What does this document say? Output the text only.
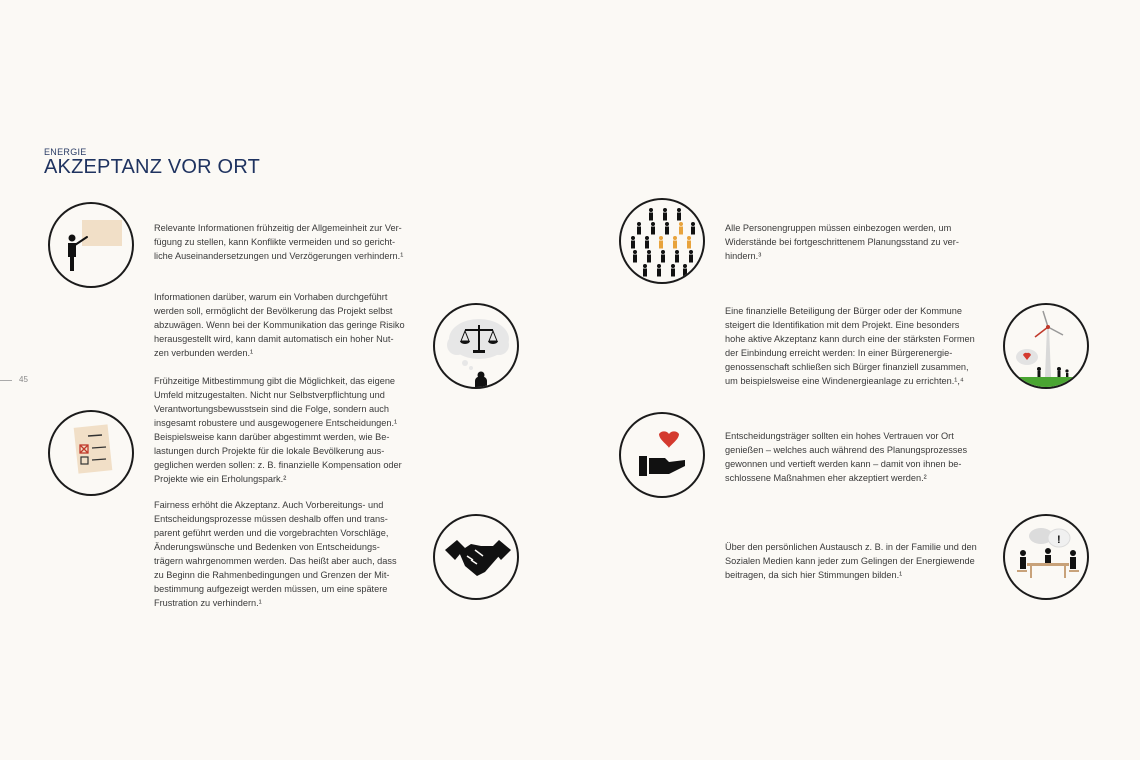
ENERGIE
AKZEPTANZ VOR ORT
45
Relevante Informationen frühzeitig der Allgemeinheit zur Ver-
fügung zu stellen, kann Konflikte vermeiden und so gericht-
liche Auseinandersetzungen und Verzögerungen verhindern.¹
Informationen darüber, warum ein Vorhaben durchgeführt
werden soll, ermöglicht der Bevölkerung das Projekt selbst
abzuwägen. Wenn bei der Kommunikation das geringe Risiko
herausgestellt wird, kann damit automatisch ein hoher Nut-
zen verbunden werden.¹
Frühzeitige Mitbestimmung gibt die Möglichkeit, das eigene
Umfeld mitzugestalten. Nicht nur Selbstverpflichtung und
Verantwortungsbewusstsein sind die Folge, sondern auch
insgesamt robustere und ausgewogenere Entscheidungen.¹
Beispielsweise kann darüber abgestimmt werden, wie Be-
lastungen durch Projekte für die lokale Bevölkerung aus-
geglichen werden sollen: z. B. finanzielle Kompensation oder
Projekte wie ein Erholungspark.²
Fairness erhöht die Akzeptanz. Auch Vorbereitungs- und
Entscheidungsprozesse müssen deshalb offen und trans-
parent geführt werden und die vorgebrachten Vorschläge,
Änderungswünsche und Bedenken von Entscheidungs-
trägern wahrgenommen werden. Das heißt aber auch, dass
zu Beginn die Rahmenbedingungen und Grenzen der Mit-
bestimmung aufgezeigt werden müssen, um eine spätere
Frustration zu verhindern.¹
Alle Personengruppen müssen einbezogen werden, um
Widerstände bei fortgeschrittenem Planungsstand zu ver-
hindern.³
Eine finanzielle Beteiligung der Bürger oder der Kommune
steigert die Identifikation mit dem Projekt. Eine besonders
hohe aktive Akzeptanz kann durch eine der stärksten Formen
der Einbindung erreicht werden: In einer Bürgerenergie-
genossenschaft schließen sich Bürger finanziell zusammen,
um beispielsweise eine Windenergieanlage zu errichten.¹,⁴
Entscheidungsträger sollten ein hohes Vertrauen vor Ort
genießen – welches auch während des Planungsprozesses
gewonnen und vertieft werden kann – damit von ihnen be-
schlossene Maßnahmen eher akzeptiert werden.²
Über den persönlichen Austausch z. B. in der Familie und den
Sozialen Medien kann jeder zum Gelingen der Energiewende
beitragen, da sich hier Stimmungen bilden.¹
!
